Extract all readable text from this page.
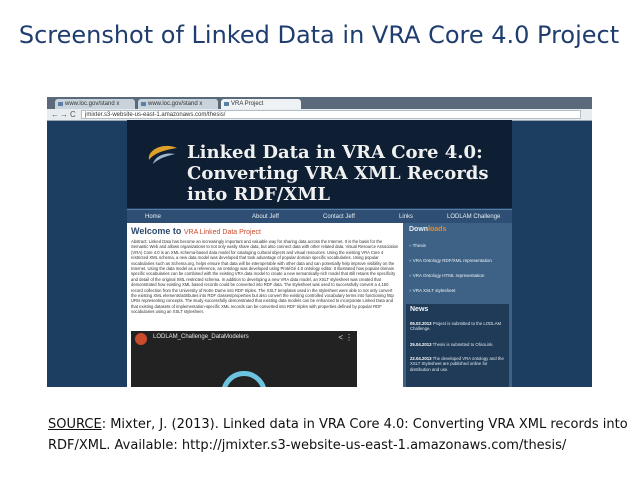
Screenshot of Linked Data in VRA Core 4.0 Project
www.loc.gov/stand x	www.loc.gov/stand x	VRA Project
← → C	jmixter.s3-website-us-east-1.amazonaws.com/thesis/
Linked Data in VRA Core 4.0: Converting VRA XML Records into RDF/XML
Home	About Jeff	Contact Jeff	Links	LODLAM Challenge
Welcome to VRA Linked Data Project
Abstract: Linked Data has become an increasingly important and valuable way for sharing data across the Internet. It is the basis for the Semantic Web and allows organizations to not only easily share data, but also connect data with other related data. Visual Resource Association (VRA) Core 4.0 is an XML schema-based data model for cataloging cultural objects and visual resources. Using the existing VRA Core 4 restricted XML schema, a new data model was developed that took advantage of popular domain specific vocabularies. Using popular vocabularies such as Schema.org, helps ensure that data will be interoperable with other data and can potentially help improve visibility on the Internet. Using the data model as a reference, an ontology was developed using ProtéGé 4.0 ontology editor. It illustrated how popular domain specific vocabularies can be combined with the existing VRA data model to create a new semantically-rich model that still retains the specificity and detail of the original XML restricted schema. In addition to developing a new VRA data model, an XSLT stylesheet was created that demonstrated how existing XML based records could be converted into RDF data. The stylesheet was used to successfully convert a 4,150 record collection from the University of Notre Dame into RDF triples. The XSLT templates used in the stylesheet were able to not only convert the existing XML elements/attributes into RDF classes/properties but also convert the existing controlled vocabulary terms into functioning http URIs representing concepts. The study successfully demonstrated that existing data models can be enhanced to incorporate Linked Data and that existing datasets of implementation-specific XML records can be converted into RDF triples with properties defined by popular RDF vocabularies using an XSLT stylesheet.
LODLAM_Challenge_DataModelers	< ⋮
Downloads
» Thesis
» VRA Ontology RDF/XML representation
» VRA Ontology HTML representation
» VRA XSLT stylesheet
News
05.02.2013 Project is submitted to the LODLAM Challenge.
25.04.2013 Thesis is submitted to OhioLink.
22.04.2013 The developed VRA ontology and the XSLT Stylesheet are published online for distribution and use.
SOURCE: Mixter, J. (2013). Linked data in VRA Core 4.0: Converting VRA XML records into RDF/XML. Available: http://jmixter.s3-website-us-east-1.amazonaws.com/thesis/
